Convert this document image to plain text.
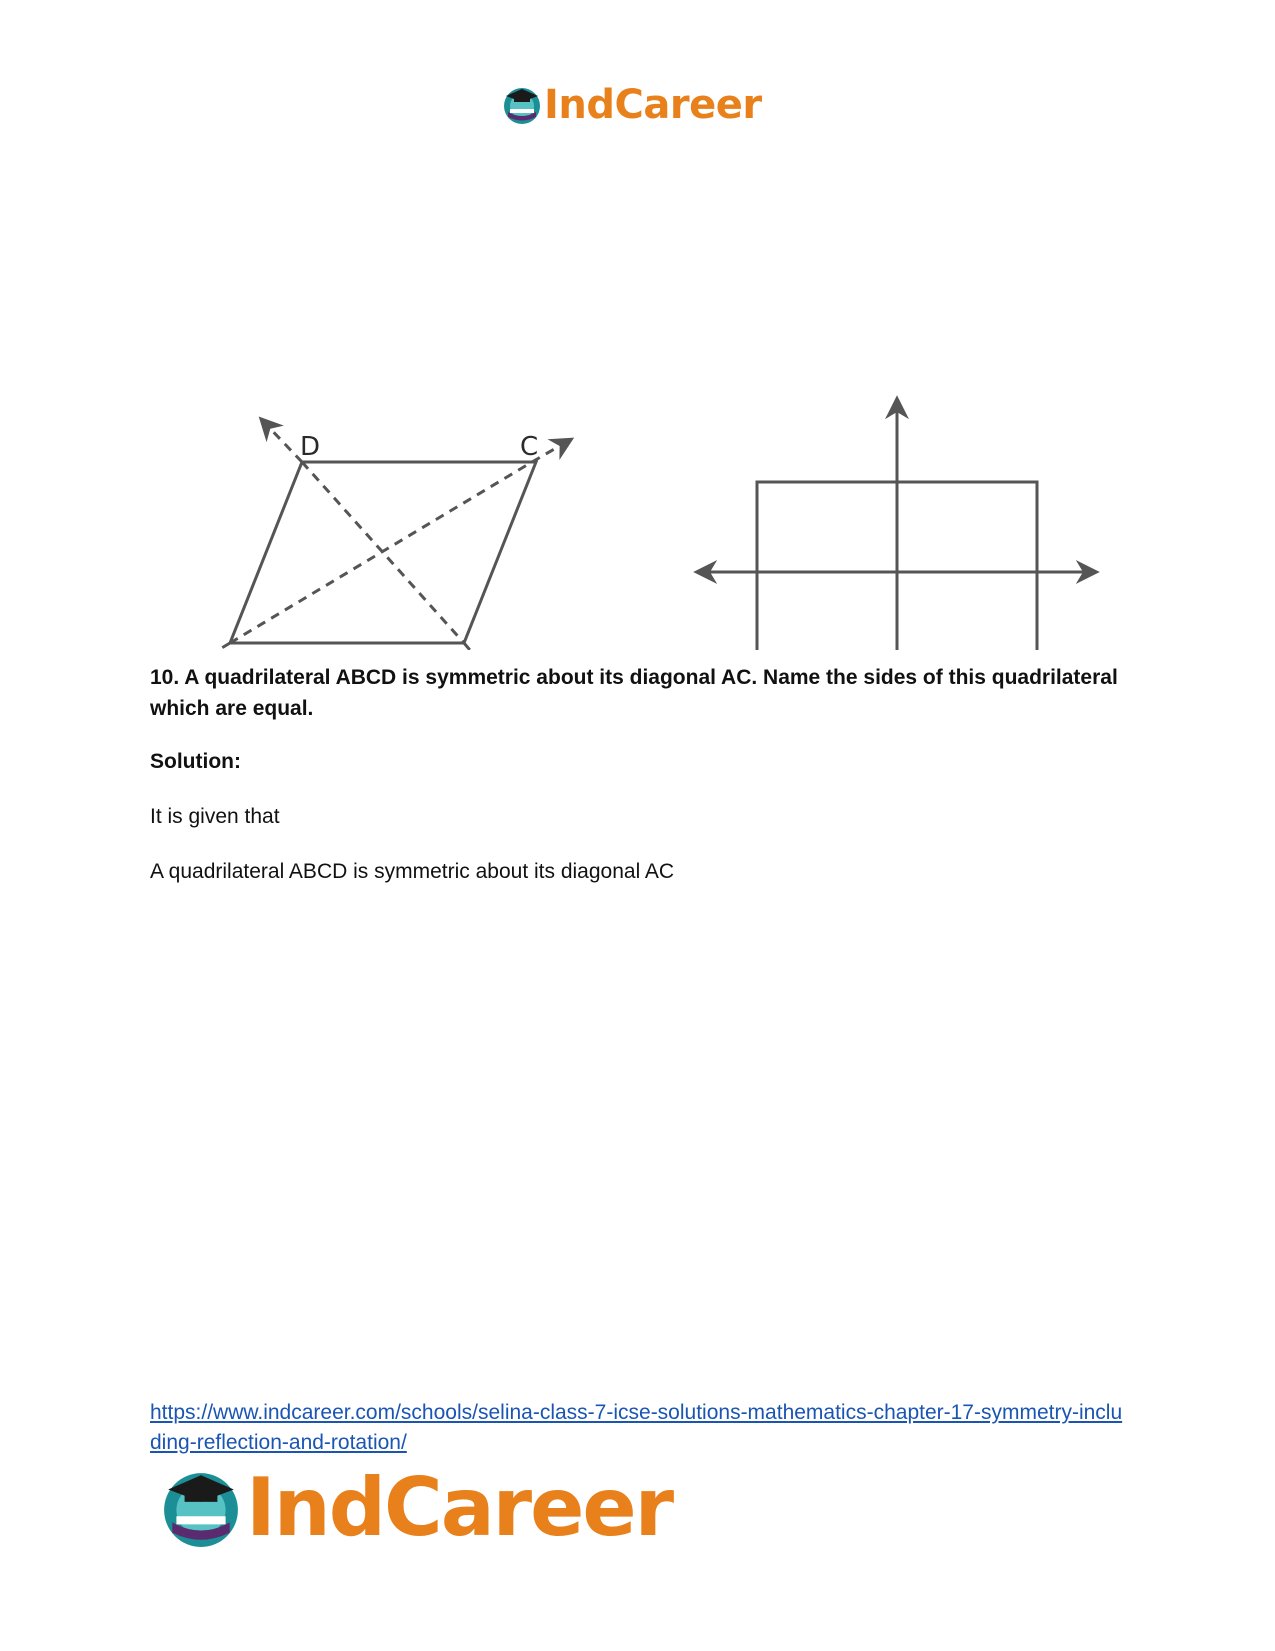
IndCareer
D	C

10. A quadrilateral ABCD is symmetric about its diagonal AC. Name the sides of this quadrilateral which are equal.

Solution:

It is given that

A quadrilateral ABCD is symmetric about its diagonal AC

https://www.indcareer.com/schools/selina-class-7-icse-solutions-mathematics-chapter-17-symmetry-including-reflection-and-rotation/
IndCareer
